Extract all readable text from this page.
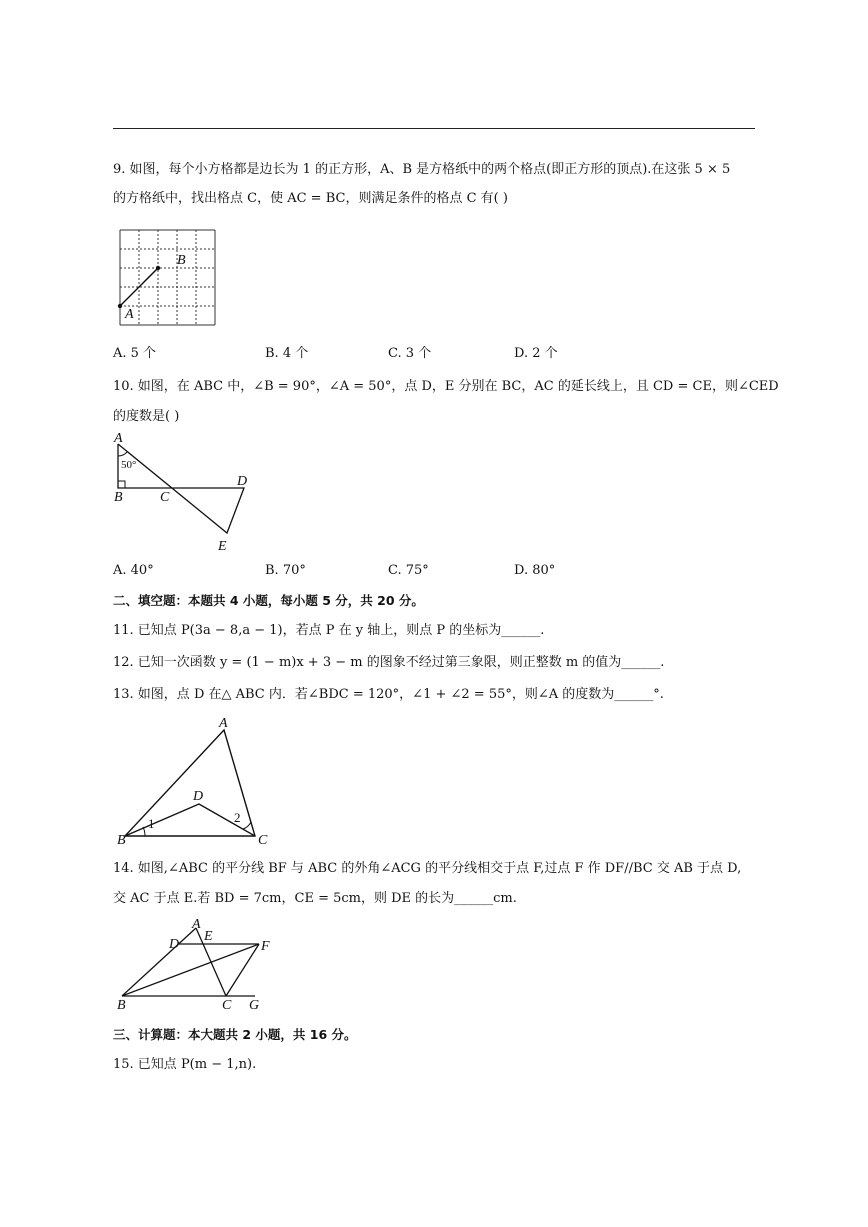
9. 如图，每个小方格都是边长为 1 的正方形，A、B 是方格纸中的两个格点(即正方形的顶点).在这张 5 × 5
的方格纸中，找出格点 C，使 AC = BC，则满足条件的格点 C 有( )
A
B
A. 5 个	B. 4 个	C. 3 个	D. 2 个
10. 如图，在 ABC 中，∠B = 90°，∠A = 50°，点 D，E 分别在 BC，AC 的延长线上，且 CD = CE，则∠CED
的度数是( )
A
50°
B	C
D
E
A. 40°	B. 70°	C. 75°	D. 80°
二、填空题：本题共 4 小题，每小题 5 分，共 20 分。
11. 已知点 P(3a − 8,a − 1)，若点 P 在 y 轴上，则点 P 的坐标为______.
12. 已知一次函数 y = (1 − m)x + 3 − m 的图象不经过第三象限，则正整数 m 的值为______.
13. 如图，点 D 在△ ABC 内．若∠BDC = 120°，∠1 + ∠2 = 55°，则∠A 的度数为______°.
A
B	C
D
1	2
14. 如图,∠ABC 的平分线 BF 与 ABC 的外角∠ACG 的平分线相交于点 F,过点 F 作 DF//BC 交 AB 于点 D,
交 AC 于点 E.若 BD = 7cm，CE = 5cm，则 DE 的长为______cm.
A
B	C
D
E
F
G
三、计算题：本大题共 2 小题，共 16 分。
15. 已知点 P(m − 1,n).
